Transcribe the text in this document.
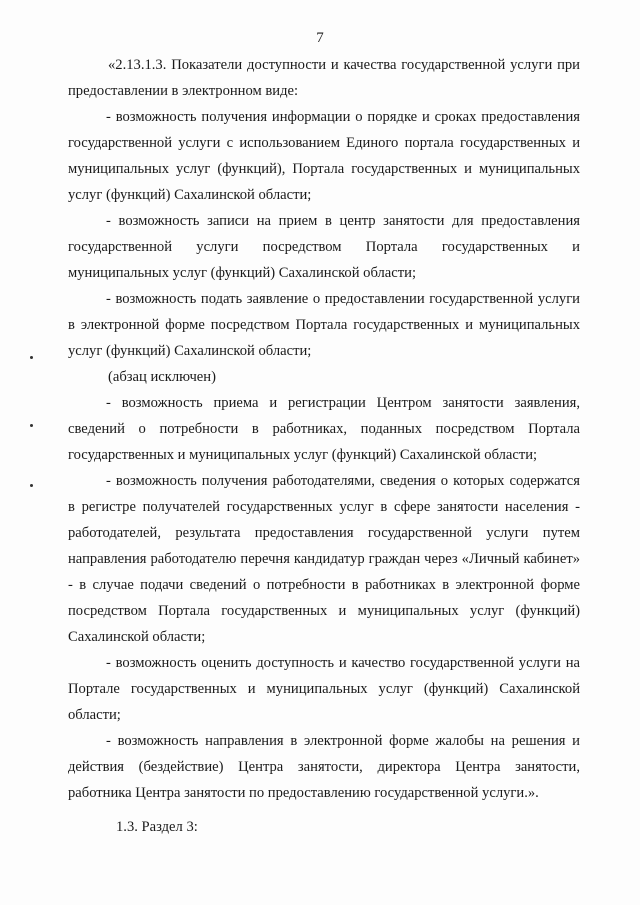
7

«2.13.1.3. Показатели доступности и качества государственной услуги при предоставлении в электронном виде:

- возможность получения информации о порядке и сроках предоставления государственной услуги с использованием Единого портала государственных и муниципальных услуг (функций), Портала государственных и муниципальных услуг (функций) Сахалинской области;

- возможность записи на прием в центр занятости для предоставления государственной услуги посредством Портала государственных и муниципальных услуг (функций) Сахалинской области;

- возможность подать заявление о предоставлении государственной услуги в электронной форме посредством Портала государственных и муниципальных услуг (функций) Сахалинской области;

(абзац исключен)

- возможность приема и регистрации Центром занятости заявления, сведений о потребности в работниках, поданных посредством Портала государственных и муниципальных услуг (функций) Сахалинской области;

- возможность получения работодателями, сведения о которых содержатся в регистре получателей государственных услуг в сфере занятости населения - работодателей, результата предоставления государственной услуги путем направления работодателю перечня кандидатур граждан через «Личный кабинет» - в случае подачи сведений о потребности в работниках в электронной форме посредством Портала государственных и муниципальных услуг (функций) Сахалинской области;

- возможность оценить доступность и качество государственной услуги на Портале государственных и муниципальных услуг (функций) Сахалинской области;

- возможность направления в электронной форме жалобы на решения и действия (бездействие) Центра занятости, директора Центра занятости, работника Центра занятости по предоставлению государственной услуги.».

1.3. Раздел 3:
